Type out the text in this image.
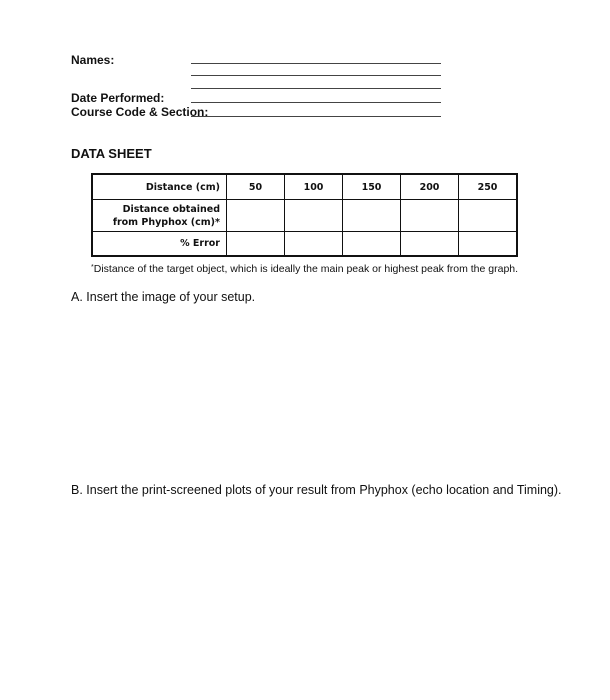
Names:
Date Performed:
Course Code & Section:
DATA SHEET
Distance (cm)	50	100	150	200	250
Distance obtained
from Phyphox (cm)*					
% Error					
*Distance of the target object, which is ideally the main peak or highest peak from the graph.
A. Insert the image of your setup.
B. Insert the print-screened plots of your result from Phyphox (echo location and Timing).
